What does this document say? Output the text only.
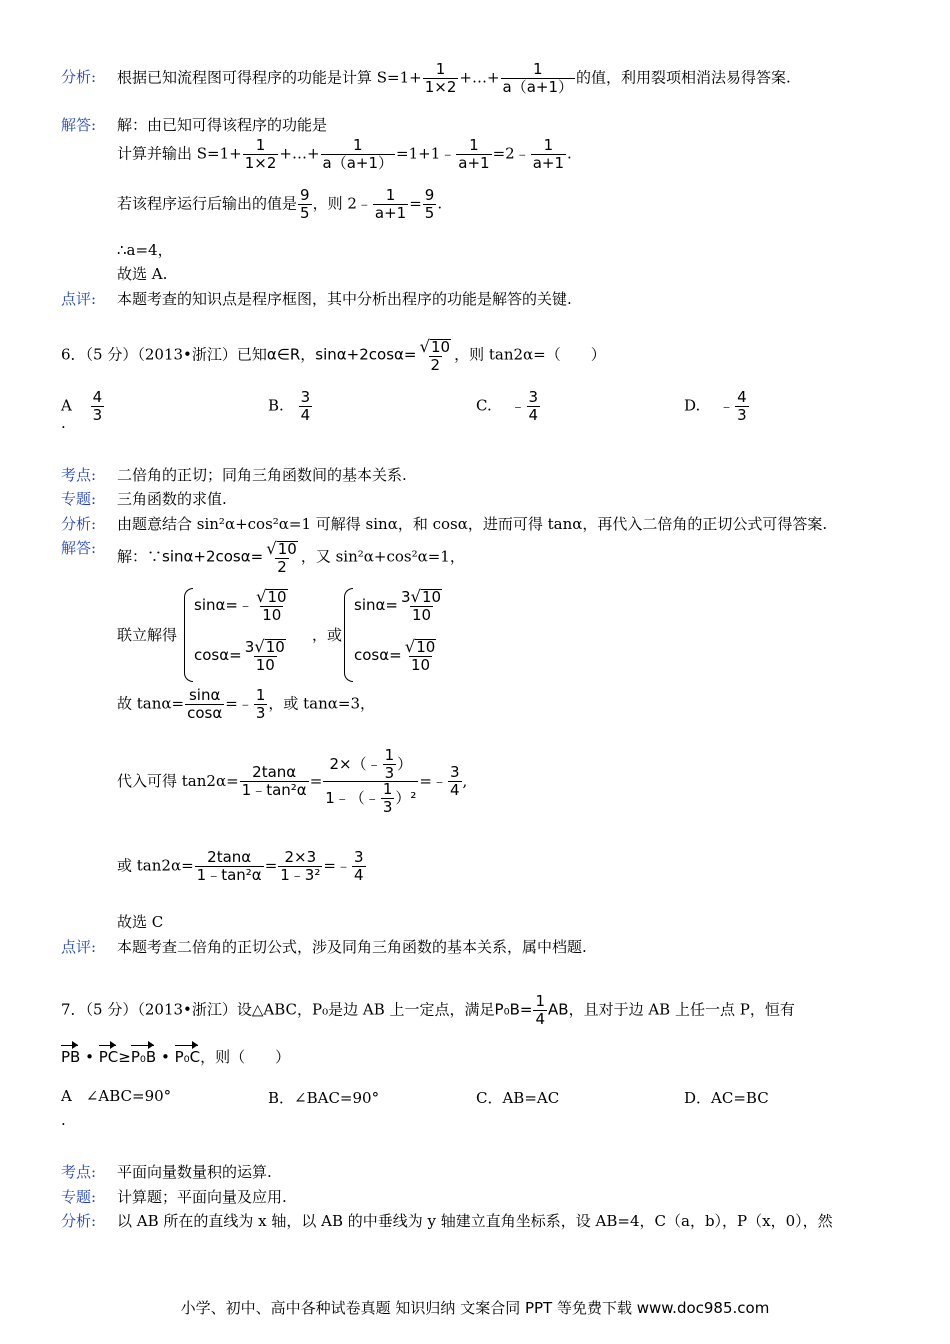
分析: 根据已知流程图可得程序的功能是计算 $S=1+ \frac{1}{1\times 2}$ +…+ $\frac{1}{a(a+1)}$ 的值，利用裂项相消法易得答案.
解答: 解：由已知可得该程序的功能是
计算并输出 $S=1+ \frac{1}{1\times 2}$ +…+ $\frac{1}{a(a+1)}$ =1+1﹣ $\frac{1}{a+1}$ =2﹣ $\frac{1}{a+1}$ .
若该程序运行后输出的值是 $\frac{9}{5}$ ，则 2﹣ $\frac{1}{a+1} = \frac{9}{5}$ .
∴a=4，
故选 A.
点评: 本题考查的知识点是程序框图，其中分析出程序的功能是解答的关键.
6．（5 分）（2013•浙江）已知α∈R，$\sin\alpha+2\cos\alpha= \frac{√ 10}{2}$ ，则 tan2α=（　　）
A $\frac{4}{3}$
.
B. $\frac{3}{4}$	C. ﹣ $\frac{3}{4}$	D. ﹣ $\frac{4}{3}$
考点: 二倍角的正切；同角三角函数间的基本关系.
专题: 三角函数的求值.
分析: 由题意结合 sin²α+cos²α=1 可解得 sinα，和 cosα，进而可得 tanα，再代入二倍角的正切公式可得答案.
解答: 解：∵sinα+2cosα= $\frac{√ 10}{2}$ ，又 sin²α+cos²α=1，
联立解得
sinα=﹣ $\frac{√ 10}{10}$
$\cos\alpha= \frac{3 √ 10}{10}$
，或
$\sin\alpha= \frac{3 √ 10}{10}$
$\cos\alpha= \frac{√ 10}{10}$
故 $\tan\alpha= \frac{\sin\alpha}{\cos\alpha}$ =﹣ $\frac{1}{3}$ ，或 tanα=3，
代入可得 $\tan 2\alpha= \frac{2\tan\alpha}{\text{1﹣tan²α}} = \frac{2\times(﹣ \frac{1}{3} )}{1﹣(﹣ \frac{1}{3} )^2}$ =﹣ $\frac{3}{4}$ ,
或 $\tan 2\alpha= \frac{2\tan\alpha}{\text{1﹣tan²α}} = \frac{2\times 3}{\text{1﹣3²}}$ =﹣ $\frac{3}{4}$
故选 C
点评: 本题考查二倍角的正切公式，涉及同角三角函数的基本关系，属中档题.
7．（5 分）（2013•浙江）设△ABC，P₀是边 AB 上一定点，满足$P_0B= \frac{1}{4}$ AB，且对于边 AB 上任一点 P，恒有
PB • PC≥P₀B • P₀C，则（　　）
A ∠ABC=90°
.
B．∠BAC=90°	C．AB=AC	D．AC=BC
考点: 平面向量数量积的运算.
专题: 计算题；平面向量及应用.
分析: 以 AB 所在的直线为 x 轴，以 AB 的中垂线为 y 轴建立直角坐标系，设 AB=4，C（a，b），P（x，0），然
小学、初中、高中各种试卷真题 知识归纳 文案合同 PPT 等免费下载 www.doc985.com
